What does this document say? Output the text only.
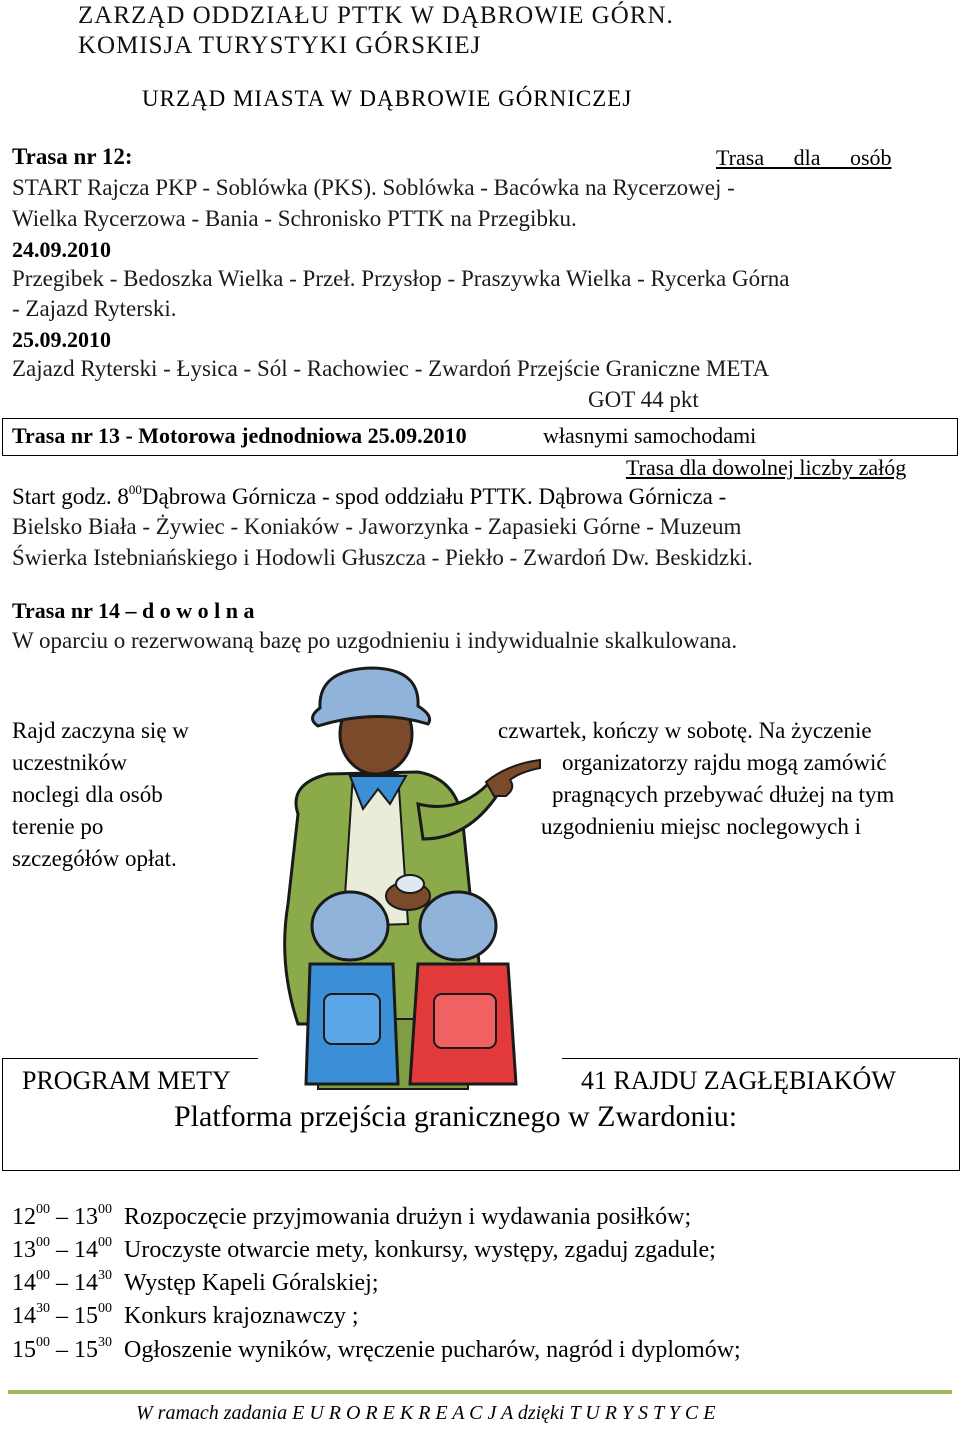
ZARZĄD ODDZIAŁU PTTK W DĄBROWIE GÓRN.
KOMISJA TURYSTYKI GÓRSKIEJ
URZĄD MIASTA W DĄBROWIE GÓRNICZEJ
Trasa nr 12:	Trasa dla osób
START Rajcza PKP - Soblówka (PKS). Soblówka - Bacówka na Rycerzowej -
Wielka Rycerzowa - Bania - Schronisko PTTK na Przegibku.
24.09.2010
Przegibek - Bedoszka Wielka - Przeł. Przysłop - Praszywka Wielka - Rycerka Górna
- Zajazd Ryterski.
25.09.2010
Zajazd Ryterski - Łysica - Sól - Rachowiec - Zwardoń Przejście Graniczne META
GOT 44 pkt
Trasa nr 13 - Motorowa jednodniowa 25.09.2010	własnymi samochodami
Trasa dla dowolnej liczby załóg
Start godz. $8^{00}Dąbrowa$ Górnicza - spod oddziału PTTK. Dąbrowa Górnicza -
Bielsko Biała - Żywiec - Koniaków - Jaworzynka - Zapasieki Górne - Muzeum
Świerka Istebniańskiego i Hodowli Głuszcza - Piekło - Zwardoń Dw. Beskidzki.
Trasa nr 14 – d o w o l n a
W oparciu o rezerwowaną bazę po uzgodnieniu i indywidualnie skalkulowana.
Rajd zaczyna się w
uczestników
noclegi dla osób
terenie po
szczegółów opłat.
czwartek, kończy w sobotę. Na życzenie
organizatorzy rajdu mogą zamówić
pragnących przebywać dłużej na tym
uzgodnieniu miejsc noclegowych i
PROGRAM METY	41 RAJDU ZAGŁĘBIAKÓW
Platforma przejścia granicznego w Zwardoniu:
$12^{00} - 13^{00}$ Rozpoczęcie przyjmowania drużyn i wydawania posiłków;
$13^{00} - 14^{00}$ Uroczyste otwarcie mety, konkursy, występy, zgaduj zgadule;
$14^{00} - 14^{30}$ Występ Kapeli Góralskiej;
$14^{30} - 15^{00}$ Konkurs krajoznawczy ;
$15^{00} - 15^{30}$ Ogłoszenie wyników, wręczenie pucharów, nagród i dyplomów;
W ramach zadania E U R O R E K R E A C J A dzięki T U R Y S T Y C E
